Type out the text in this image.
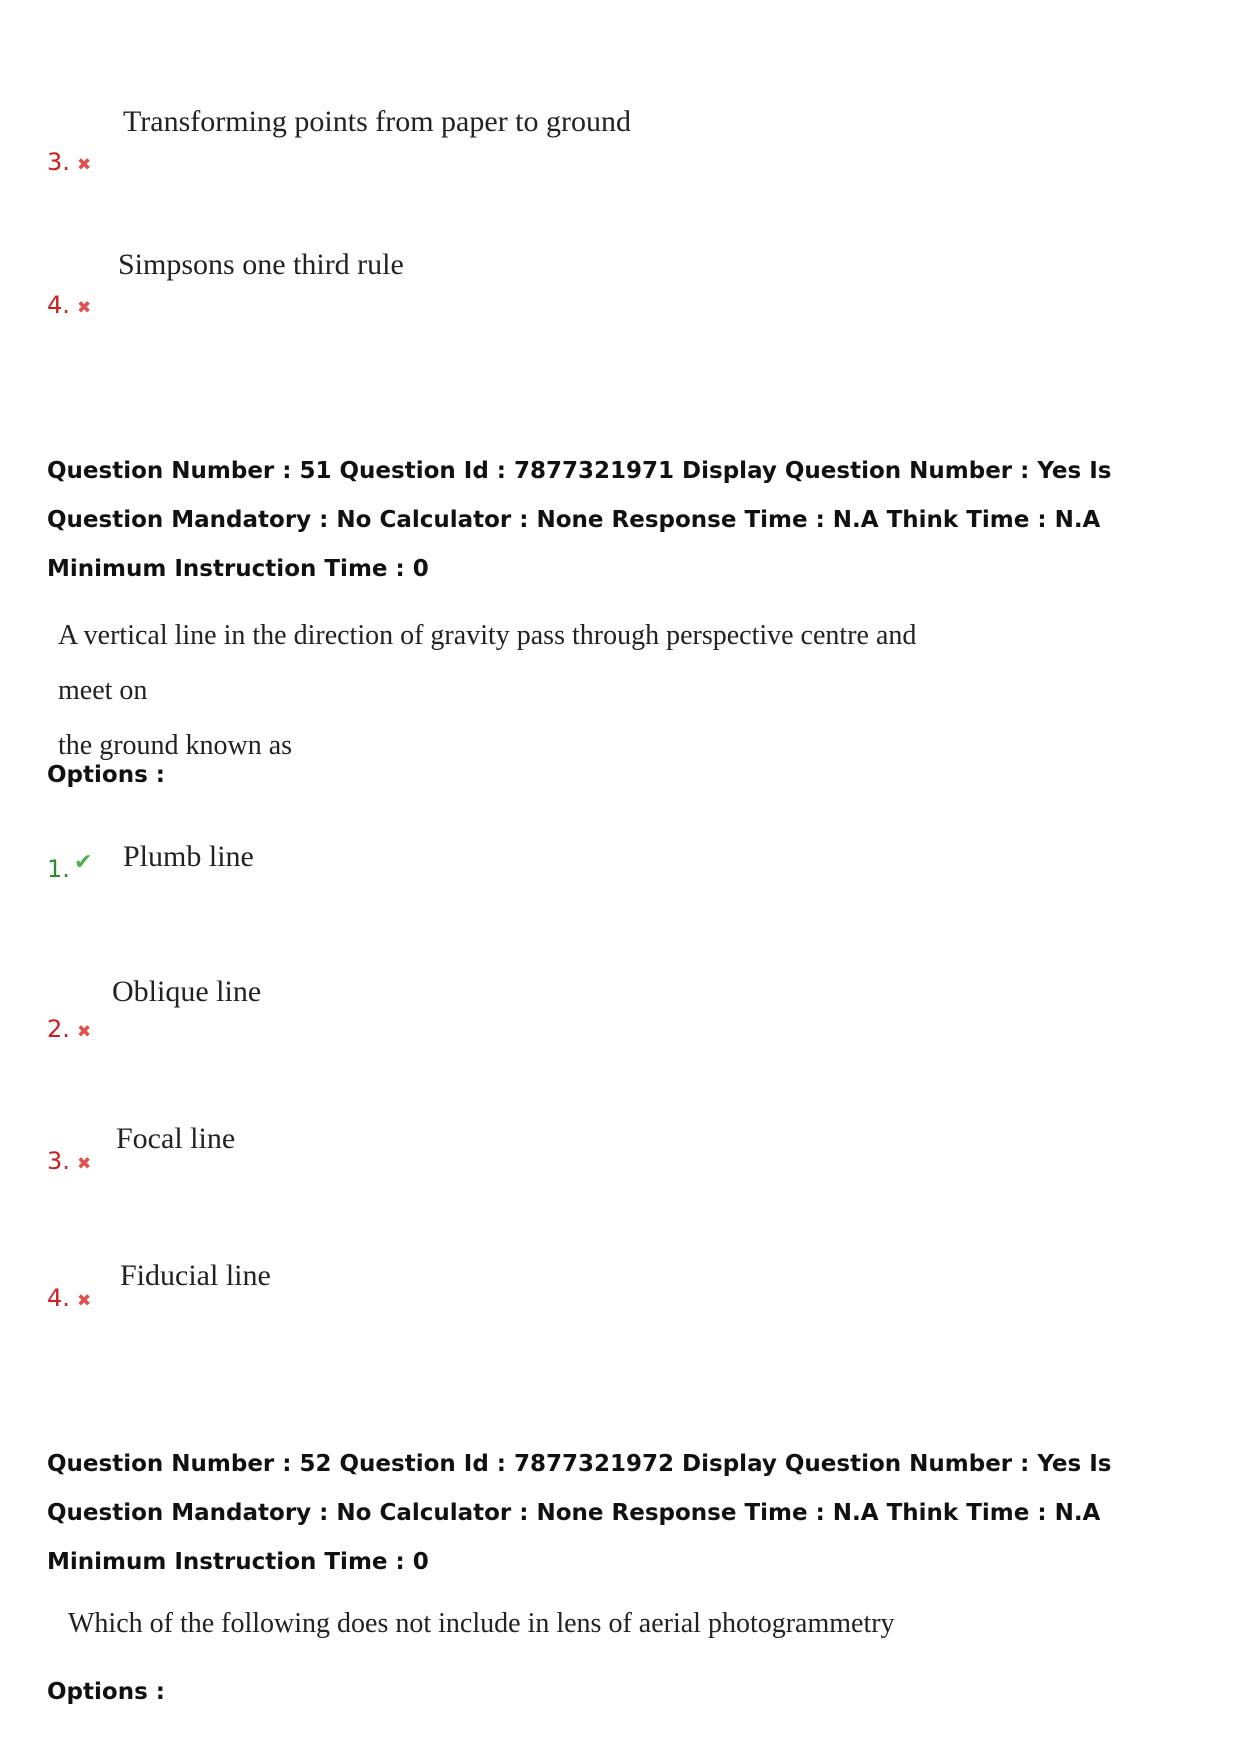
3. ✖
Transforming points from paper to ground
4. ✖
Simpsons one third rule
Question Number : 51 Question Id : 7877321971 Display Question Number : Yes Is Question Mandatory : No Calculator : None Response Time : N.A Think Time : N.A Minimum Instruction Time : 0
A vertical line in the direction of gravity pass through perspective centre and meet on
the ground known as
Options :
1. ✔ Plumb line
2. ✖
Oblique line
3. ✖
Focal line
4. ✖
Fiducial line
Question Number : 52 Question Id : 7877321972 Display Question Number : Yes Is Question Mandatory : No Calculator : None Response Time : N.A Think Time : N.A Minimum Instruction Time : 0
Which of the following does not include in lens of aerial photogrammetry
Options :
